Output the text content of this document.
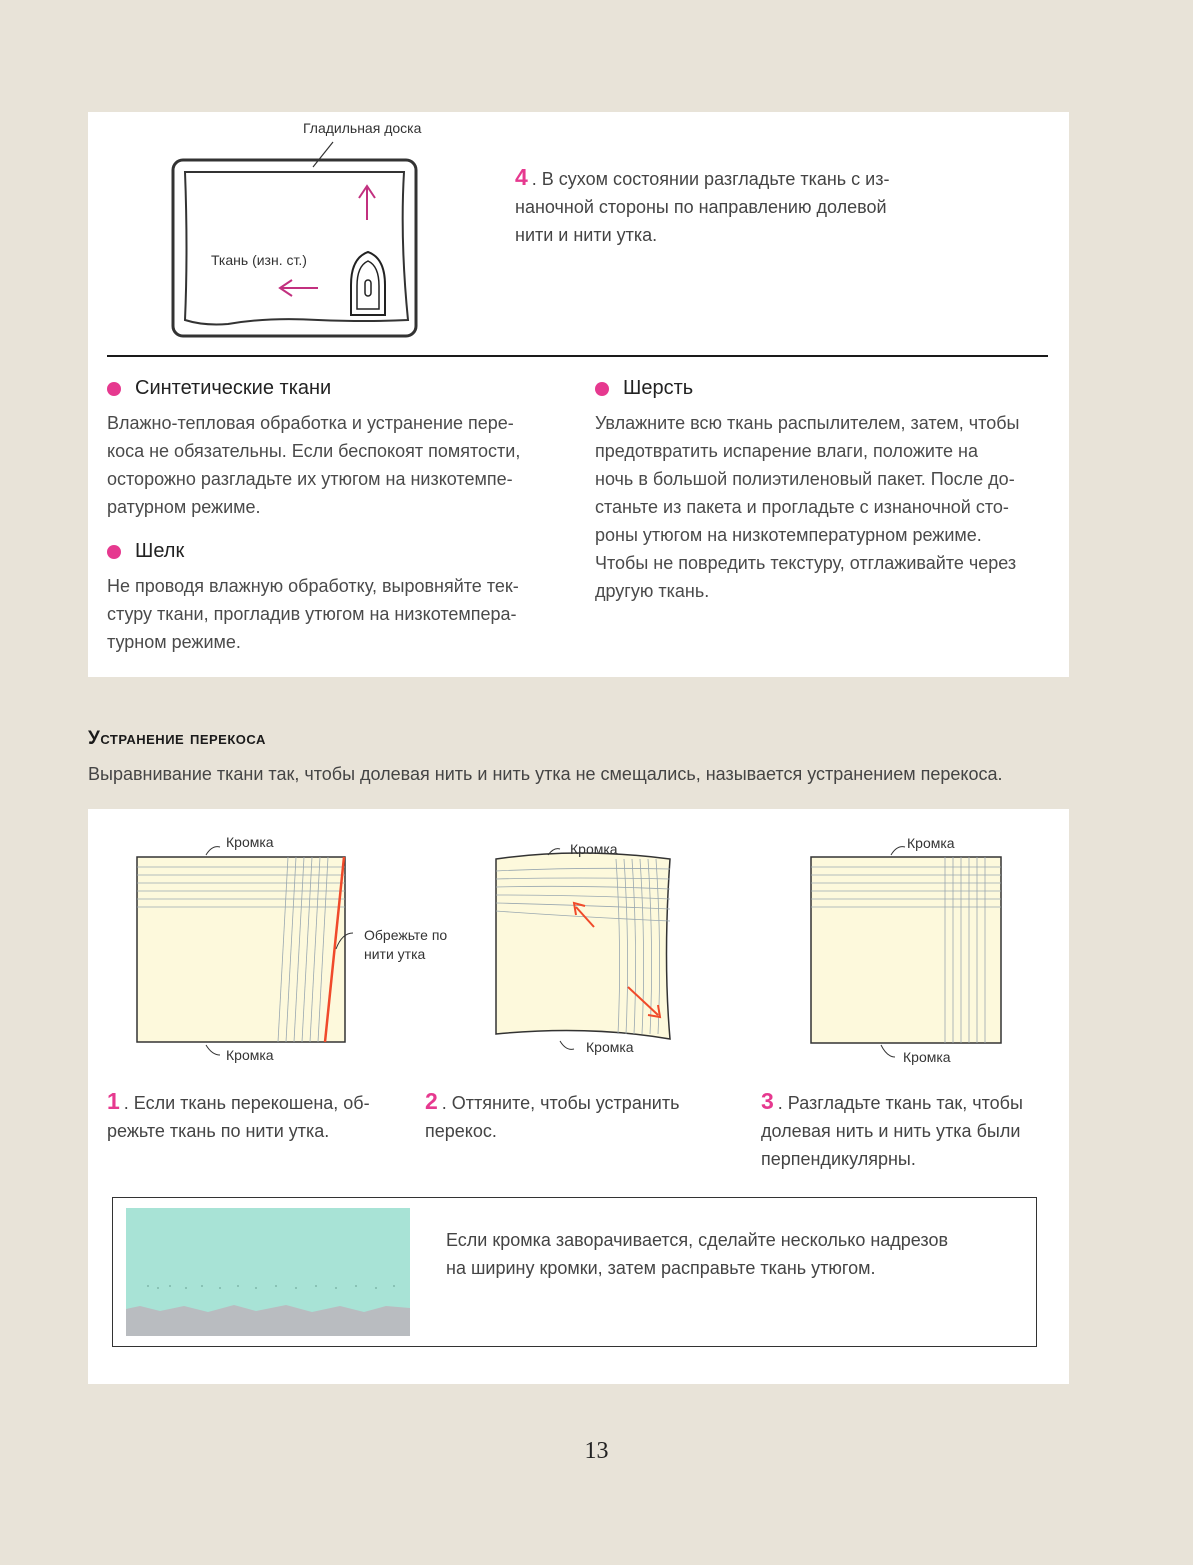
Гладильная доска
Ткань (изн. ст.)
4 . В сухом состоянии разгладьте ткань с из-
наночной стороны по направлению долевой
нити и нити утка.
Синтетические ткани
Влажно-тепловая обработка и устранение пере-
коса не обязательны. Если беспокоят помятости,
осторожно разгладьте их утюгом на низкотемпе-
ратурном режиме.
Шелк
Не проводя влажную обработку, выровняйте тек-
стуру ткани, прогладив утюгом на низкотемпера-
турном режиме.
Шерсть
Увлажните всю ткань распылителем, затем, чтобы
предотвратить испарение влаги, положите на
ночь в большой полиэтиленовый пакет. После до-
станьте из пакета и прогладьте с изнаночной сто-
роны утюгом на низкотемпературном режиме.
Чтобы не повредить текстуру, отглаживайте через
другую ткань.
Устранение перекоса
Выравнивание ткани так, чтобы долевая нить и нить утка не смещались, называется устранением перекоса.
Кромка
Кромка
Обрежьте по
нити утка
Кромка
Кромка
Кромка
Кромка
1 . Если ткань перекошена, об-
режьте ткань по нити утка.
2 . Оттяните, чтобы устранить
перекос.
3 . Разгладьте ткань так, чтобы
долевая нить и нить утка были
перпендикулярны.
Если кромка заворачивается, сделайте несколько надрезов
на ширину кромки, затем расправьте ткань утюгом.
13
